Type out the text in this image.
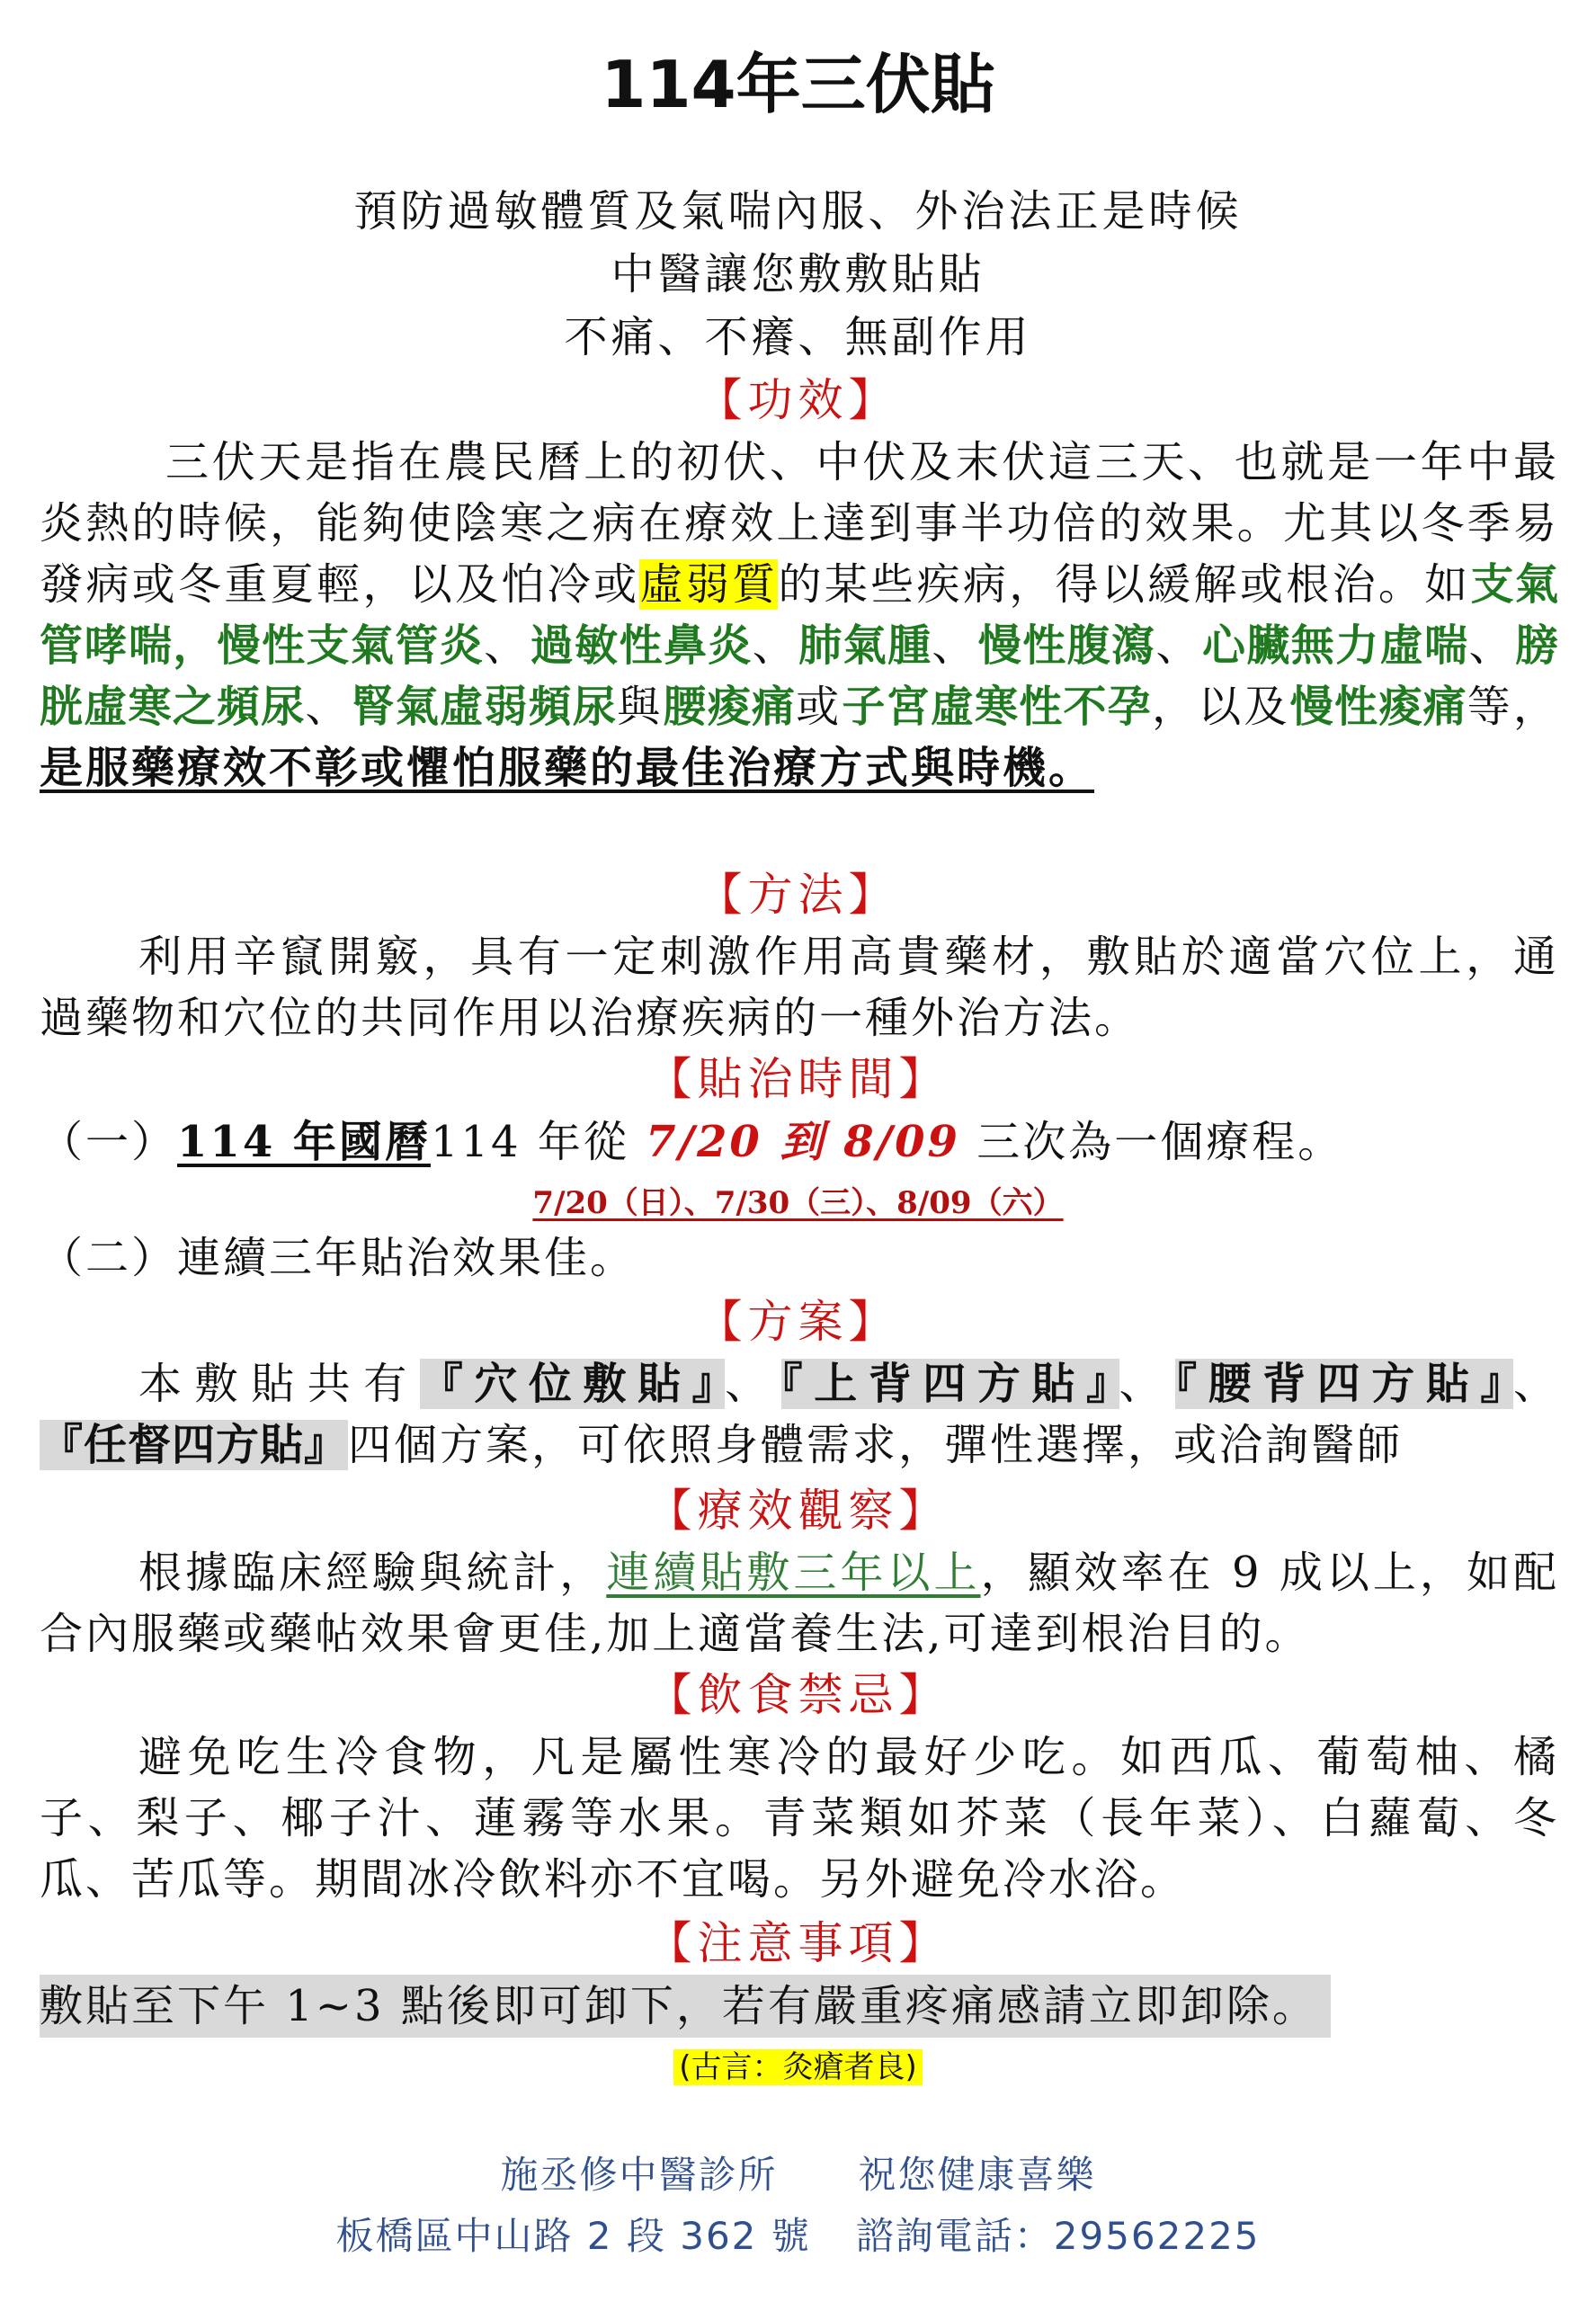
114年三伏貼
預防過敏體質及氣喘內服、外治法正是時候
中醫讓您敷敷貼貼
不痛、不癢、無副作用
【功效】
三伏天是指在農民曆上的初伏、中伏及末伏這三天、也就是一年中最炎熱的時候，能夠使陰寒之病在療效上達到事半功倍的效果。尤其以冬季易發病或冬重夏輕，以及怕冷或虛弱質的某些疾病，得以緩解或根治。如支氣管哮喘，慢性支氣管炎、過敏性鼻炎、肺氣腫、慢性腹瀉、心臟無力虛喘、膀胱虛寒之頻尿、腎氣虛弱頻尿與腰痠痛或子宮虛寒性不孕，以及慢性痠痛等，是服藥療效不彰或懼怕服藥的最佳治療方式與時機。
【方法】
利用辛竄開竅，具有一定刺激作用高貴藥材，敷貼於適當穴位上，通過藥物和穴位的共同作用以治療疾病的一種外治方法。
【貼治時間】
（一）114 年國曆114 年從 7/20 到 8/09 三次為一個療程。
7/20（日）、7/30（三）、8/09（六）
（二）連續三年貼治效果佳。
【方案】
本敷貼共有『穴位敷貼』、『上背四方貼』、『腰背四方貼』、『任督四方貼』四個方案，可依照身體需求，彈性選擇，或洽詢醫師
【療效觀察】
根據臨床經驗與統計，連續貼敷三年以上，顯效率在 9 成以上，如配合內服藥或藥帖效果會更佳,加上適當養生法,可達到根治目的。
【飲食禁忌】
避免吃生冷食物，凡是屬性寒冷的最好少吃。如西瓜、葡萄柚、橘子、梨子、椰子汁、蓮霧等水果。青菜類如芥菜（長年菜）、白蘿蔔、冬瓜、苦瓜等。期間冰冷飲料亦不宜喝。另外避免冷水浴。
【注意事項】
敷貼至下午 1~3 點後即可卸下，若有嚴重疼痛感請立即卸除。
(古言：灸瘡者良)
施丞修中醫診所 祝您健康喜樂
板橋區中山路 2 段 362 號 諮詢電話：29562225
